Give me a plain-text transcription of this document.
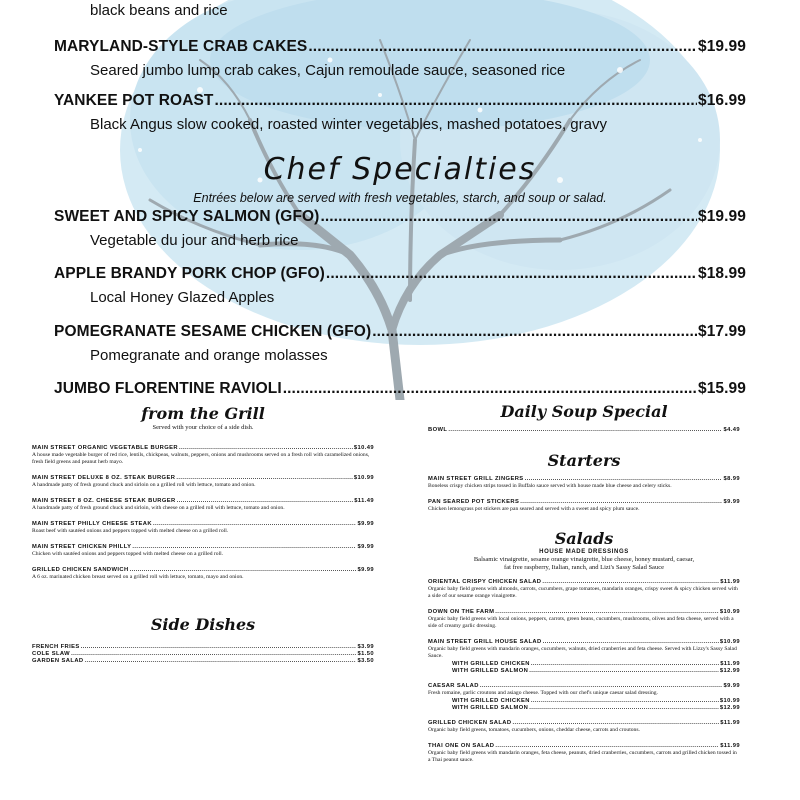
black beans and rice
MARYLAND-STYLE CRAB CAKES .....	$19.99
Seared jumbo lump crab cakes, Cajun remoulade sauce, seasoned rice
YANKEE POT ROAST .....	$16.99
Black Angus slow cooked, roasted winter vegetables, mashed potatoes, gravy
Chef Specialties
Entrées below are served with fresh vegetables, starch, and soup or salad.
SWEET AND SPICY SALMON (GFO) .....	$19.99
Vegetable du jour and herb rice
APPLE BRANDY PORK CHOP (GFO) .....	$18.99
Local Honey Glazed Apples
POMEGRANATE SESAME CHICKEN (GFO) .....	$17.99
Pomegranate and orange molasses
JUMBO FLORENTINE RAVIOLI .....	$15.99
from the Grill
Served with your choice of a side dish.
MAIN STREET ORGANIC VEGETABLE BURGER .....	$10.49
A house made vegetable burger of red rice, lentils, chickpeas, walnuts, peppers, onions and mushrooms served on a fresh roll with caramelized onions, fresh field greens and peanut herb mayo.
MAIN STREET DELUXE 8 OZ. STEAK BURGER .....	$10.99
A handmade patty of fresh ground chuck and sirloin on a grilled roll with lettuce, tomato and onion.
MAIN STREET 8 OZ. CHEESE STEAK BURGER .....	$11.49
A handmade patty of fresh ground chuck and sirloin, with cheese on a grilled roll with lettuce, tomato and onion.
MAIN STREET PHILLY CHEESE STEAK .....	$9.99
Roast beef with sautéed onions and peppers topped with melted cheese on a grilled roll.
MAIN STREET CHICKEN PHILLY .....	$9.99
Chicken with sautéed onions and peppers topped with melted cheese on a grilled roll.
GRILLED CHICKEN SANDWICH .....	$9.99
A 6 oz. marinated chicken breast served on a grilled roll with lettuce, tomato, mayo and onion.
Side Dishes
FRENCH FRIES .....	$3.99
COLE SLAW .....	$1.50
GARDEN SALAD .....	$3.50
Daily Soup Special
BOWL .....	$4.49
Starters
MAIN STREET GRILL ZINGERS .....	$8.99
Boneless crispy chicken strips tossed in Buffalo sauce served with house made blue cheese and celery sticks.
PAN SEARED POT STICKERS .....	$9.99
Chicken lemongrass pot stickers are pan seared and served with a sweet and spicy plum sauce.
Salads
HOUSE MADE DRESSINGS
Balsamic vinaigrette, sesame orange vinaigrette, blue cheese, honey mustard, caesar,
fat free raspberry, Italian, ranch, and Lizi's Sassy Salad Sauce
ORIENTAL CRISPY CHICKEN SALAD .....	$11.99
Organic baby field greens with almonds, carrots, cucumbers, grape tomatoes, mandarin oranges, crispy sweet & spicy chicken served with a side of our sesame orange vinaigrette.
DOWN ON THE FARM .....	$10.99
Organic baby field greens with local onions, peppers, carrots, green beans, cucumbers, mushrooms, olives and feta cheese, served with a side of creamy garlic dressing.
MAIN STREET GRILL HOUSE SALAD .....	$10.99
Organic baby field greens with mandarin oranges, cucumbers, walnuts, dried cranberries and feta cheese. Served with Lizzy's Sassy Salad Sauce.
WITH GRILLED CHICKEN .....	$11.99
WITH GRILLED SALMON .....	$12.99
CAESAR SALAD .....	$9.99
Fresh romaine, garlic croutons and asiago cheese. Topped with our chef's unique caesar salad dressing.
WITH GRILLED CHICKEN .....	$10.99
WITH GRILLED SALMON .....	$12.99
GRILLED CHICKEN SALAD .....	$11.99
Organic baby field greens, tomatoes, cucumbers, onions, cheddar cheese, carrots and croutons.
THAI ONE ON SALAD .....	$11.99
Organic baby field greens with mandarin oranges, feta cheese, peanuts, dried cranberries, cucumbers, carrots and grilled chicken tossed in a Thai peanut sauce.
